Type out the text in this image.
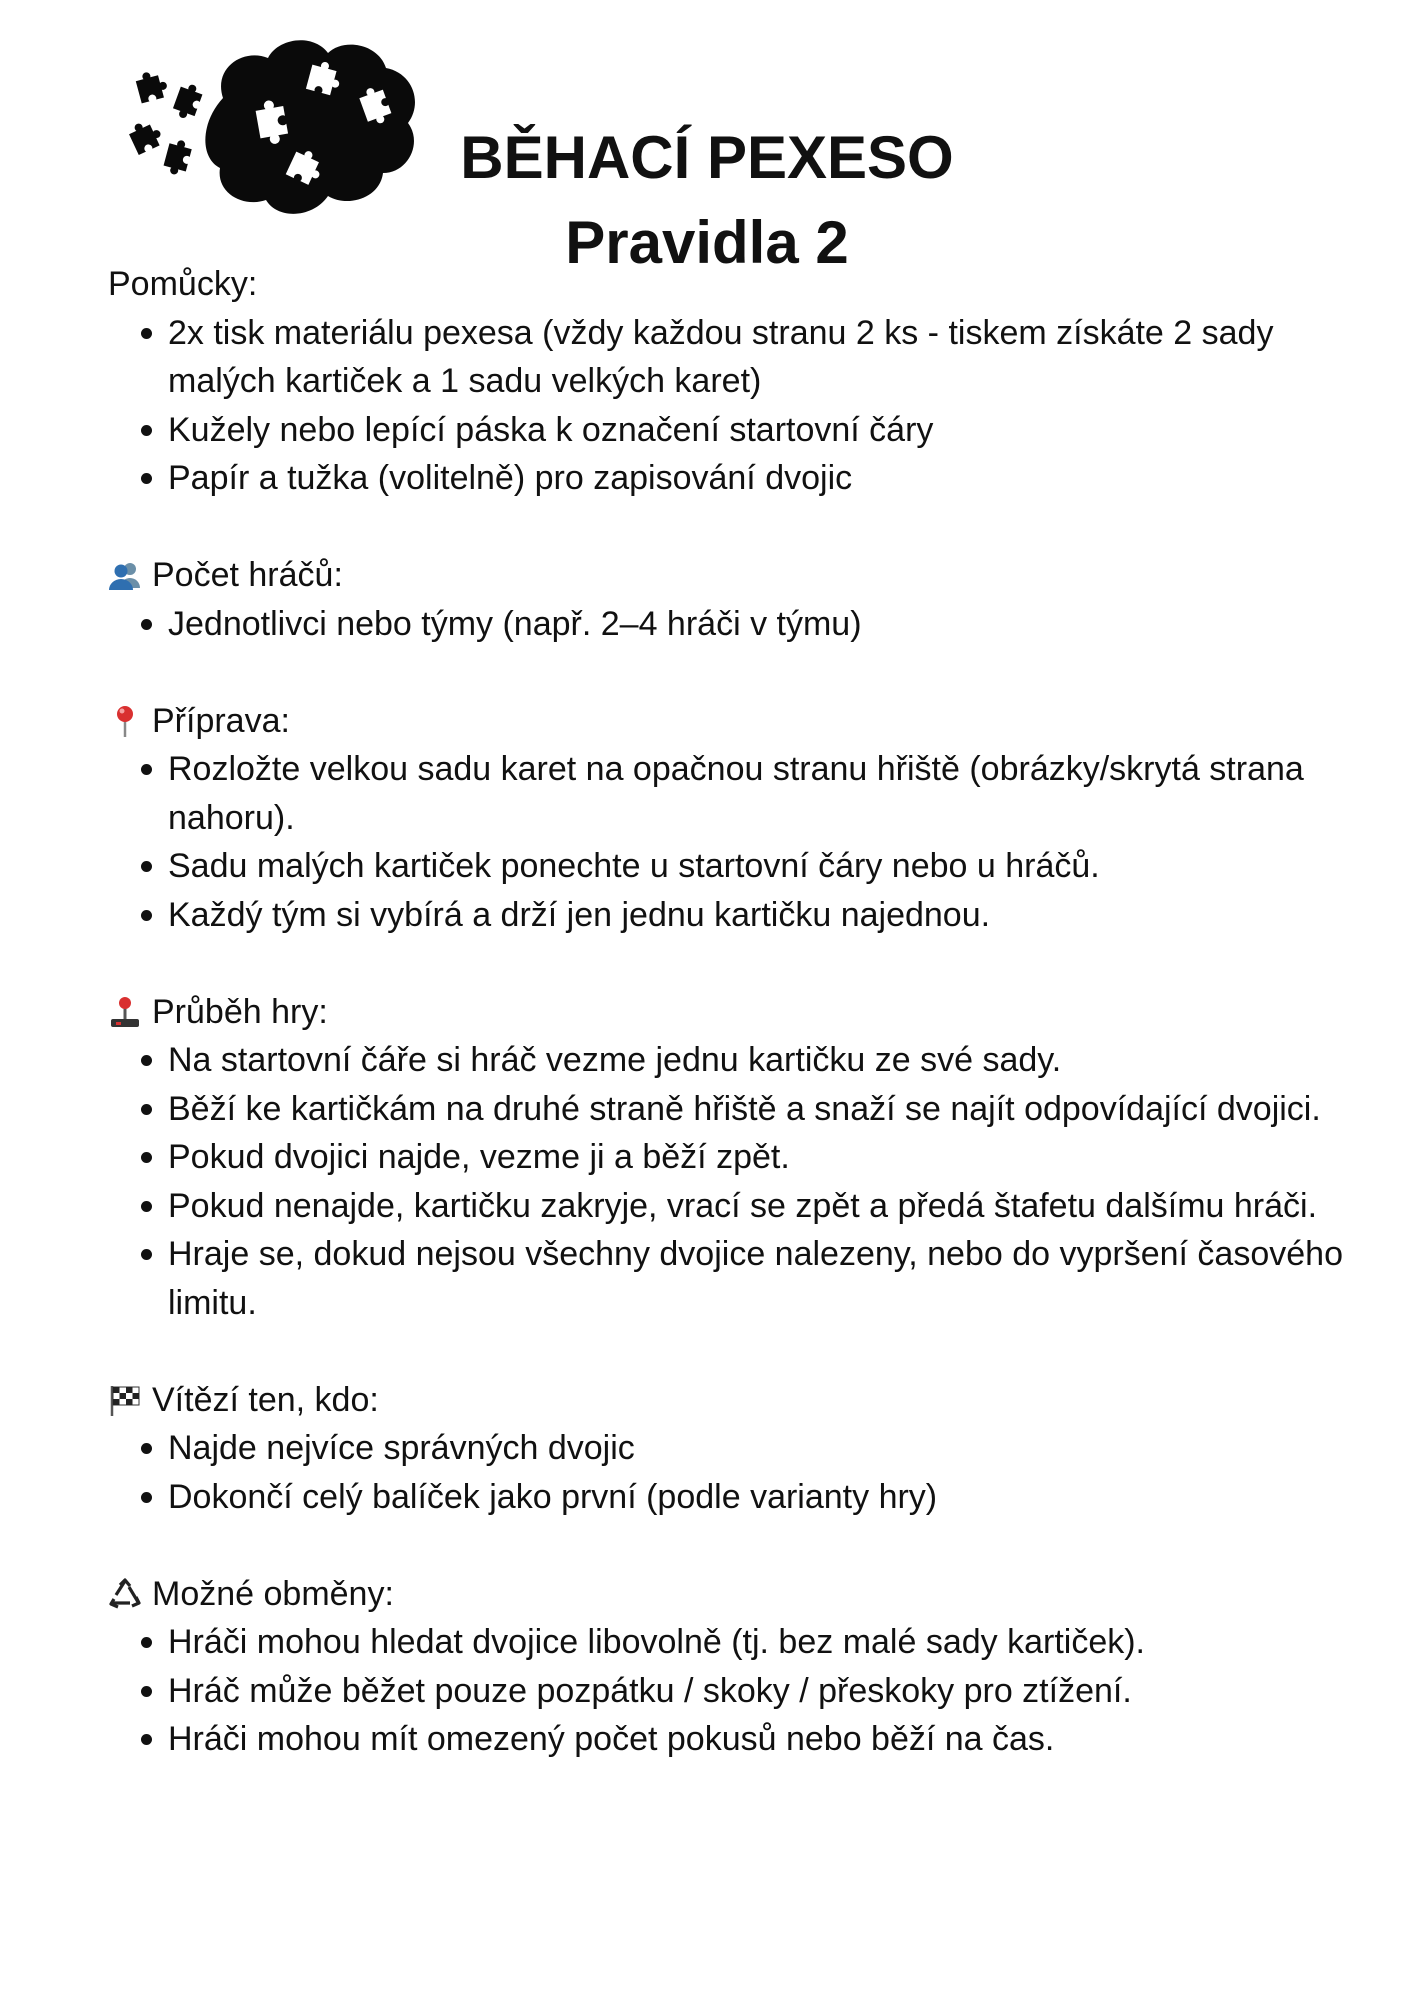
BĚHACÍ PEXESO
Pravidla 2
Pomůcky:
2x tisk materiálu pexesa (vždy každou stranu 2 ks - tiskem získáte 2 sady malých kartiček a 1 sadu velkých karet)
Kužely nebo lepící páska k označení startovní čáry
Papír a tužka (volitelně) pro zapisování dvojic
Počet hráčů:
Jednotlivci nebo týmy (např. 2–4 hráči v týmu)
Příprava:
Rozložte velkou sadu karet na opačnou stranu hřiště (obrázky/skrytá strana nahoru).
Sadu malých kartiček ponechte u startovní čáry nebo u hráčů.
Každý tým si vybírá a drží jen jednu kartičku najednou.
Průběh hry:
Na startovní čáře si hráč vezme jednu kartičku ze své sady.
Běží ke kartičkám na druhé straně hřiště a snaží se najít odpovídající dvojici.
Pokud dvojici najde, vezme ji a běží zpět.
Pokud nenajde, kartičku zakryje, vrací se zpět a předá štafetu dalšímu hráči.
Hraje se, dokud nejsou všechny dvojice nalezeny, nebo do vypršení časového limitu.
Vítězí ten, kdo:
Najde nejvíce správných dvojic
Dokončí celý balíček jako první (podle varianty hry)
Možné obměny:
Hráči mohou hledat dvojice libovolně (tj. bez malé sady kartiček).
Hráč může běžet pouze pozpátku / skoky / přeskoky pro ztížení.
Hráči mohou mít omezený počet pokusů nebo běží na čas.
